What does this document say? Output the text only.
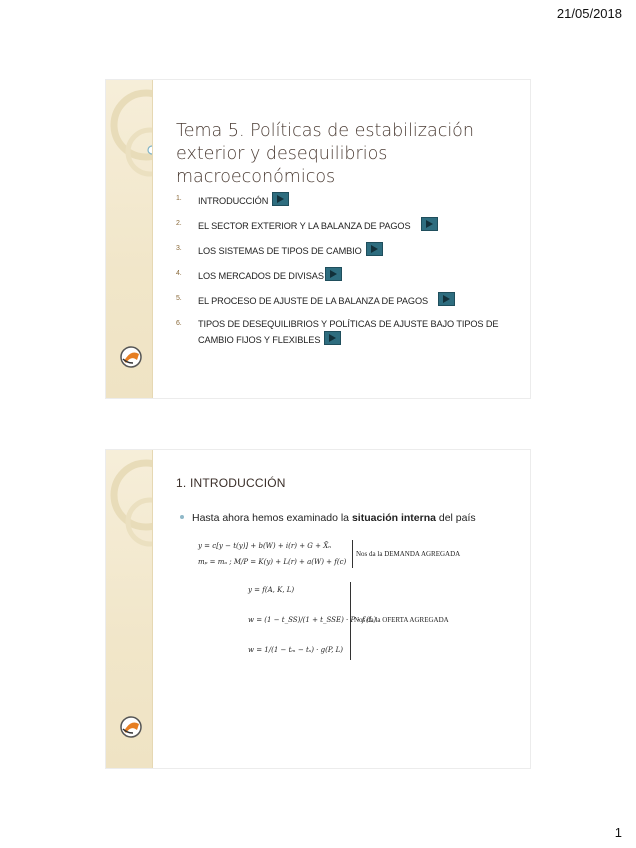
21/05/2018
Tema 5. Políticas de estabilización exterior y desequilibrios macroeconómicos
1. INTRODUCCIÓN
2. EL SECTOR EXTERIOR Y LA BALANZA DE PAGOS
3. LOS SISTEMAS DE TIPOS DE CAMBIO
4. LOS MERCADOS DE DIVISAS
5. EL PROCESO DE AJUSTE DE LA BALANZA DE PAGOS
6. TIPOS DE DESEQUILIBRIOS Y POLÍTICAS DE AJUSTE BAJO TIPOS DE CAMBIO FIJOS Y FLEXIBLES
1. INTRODUCCIÓN
Hasta ahora hemos examinado la situación interna del país
y = c[y − t(y)] + b(W) + i(r) + G + X̄ₙ
mₚ = mₐ ; M/P = K(y) + L(r) + a(W) + f(c)
Nos da la DEMANDA AGREGADA
y = f(A, K, L)
w = (1 − t_SS)/(1 + t_SSE) · P · f′(L)
w = 1/(1 − tₘ − tₛ) · g(P, L)
Nos da la OFERTA AGREGADA
1
